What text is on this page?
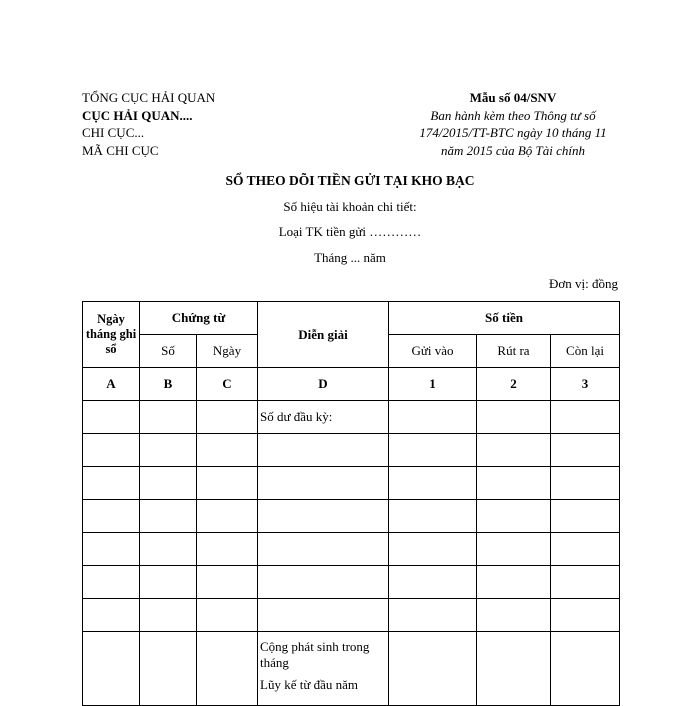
TỔNG CỤC HẢI QUAN
CỤC HẢI QUAN....
CHI CỤC...
MÃ CHI CỤC
Mẫu số 04/SNV
Ban hành kèm theo Thông tư số
174/2015/TT-BTC ngày 10 tháng 11
năm 2015 của Bộ Tài chính
SỔ THEO DÕI TIỀN GỬI TẠI KHO BẠC
Số hiệu tài khoản chi tiết:
Loại TK tiền gửi …………
Tháng ... năm
Đơn vị: đồng
Ngày tháng ghi sổ	Chứng từ		Diễn giải	Số tiền		
	Số	Ngày		Gửi vào	Rút ra	Còn lại
A	B	C	D	1	2	3

			Số dư đầu kỳ:			

			Cộng phát sinh trong tháng
Lũy kế từ đầu năm			
